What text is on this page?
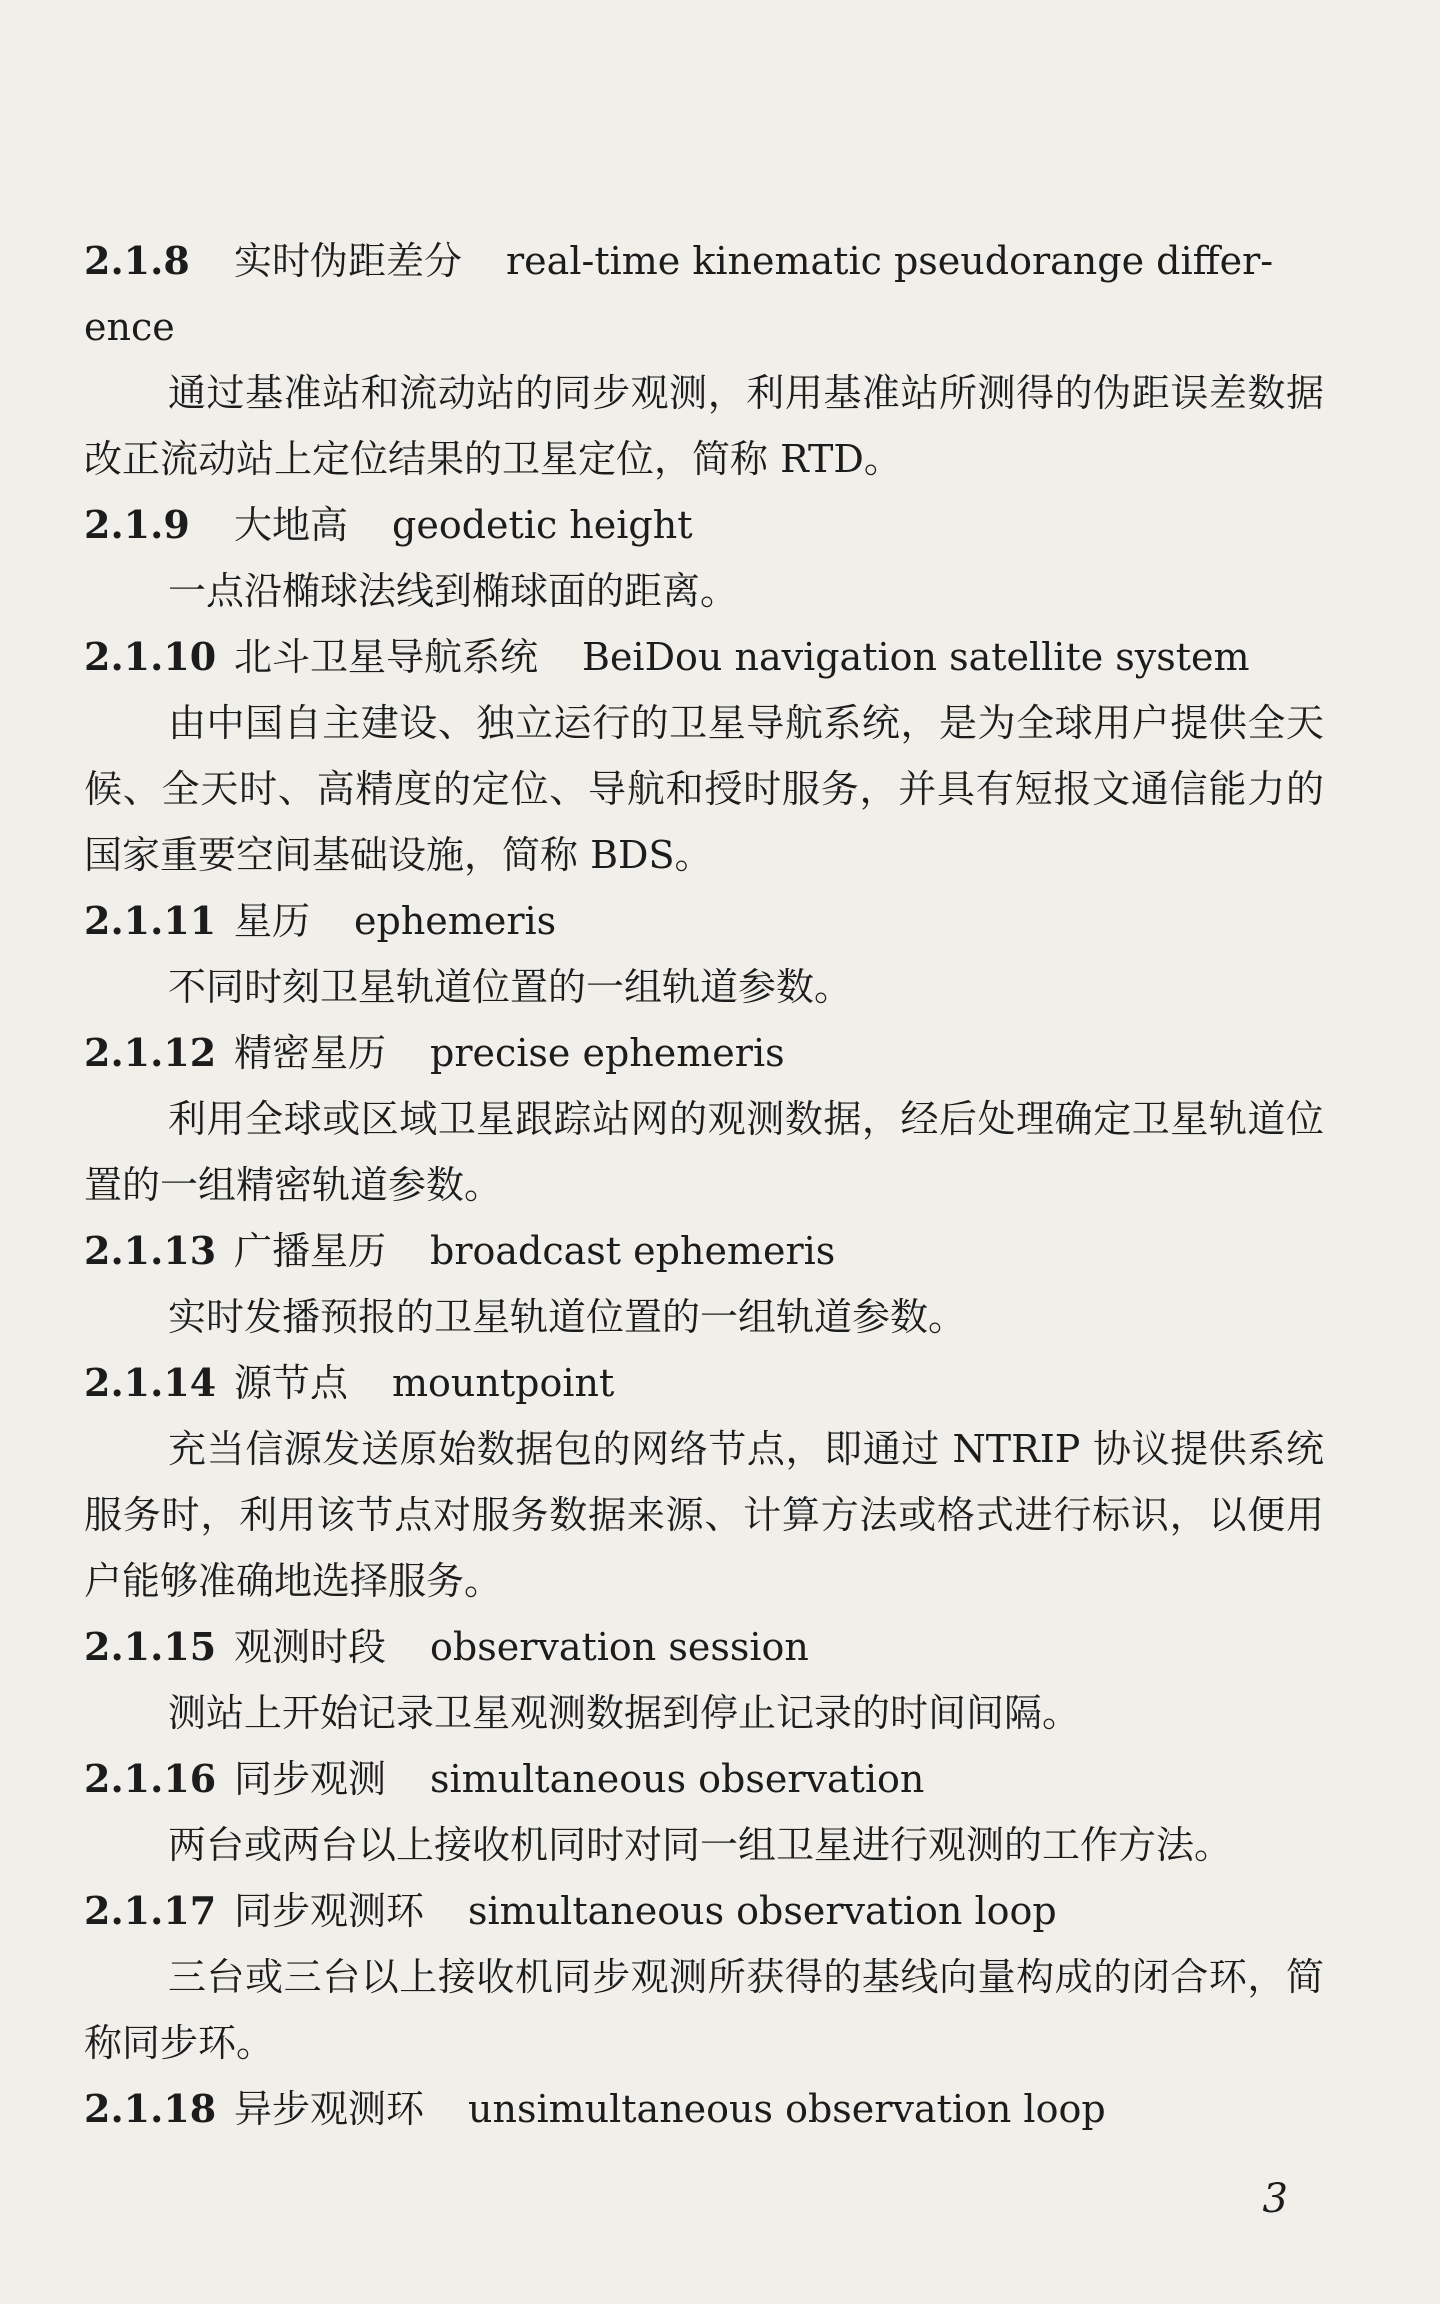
2.1.8 实时伪距差分 real-time kinematic pseudorange differ-
ence
通过基准站和流动站的同步观测，利用基准站所测得的伪距误差数据改正流动站上定位结果的卫星定位，简称 RTD。
2.1.9 大地高 geodetic height
一点沿椭球法线到椭球面的距离。
2.1.10 北斗卫星导航系统 BeiDou navigation satellite system
由中国自主建设、独立运行的卫星导航系统，是为全球用户提供全天候、全天时、高精度的定位、导航和授时服务，并具有短报文通信能力的国家重要空间基础设施，简称 BDS。
2.1.11 星历 ephemeris
不同时刻卫星轨道位置的一组轨道参数。
2.1.12 精密星历 precise ephemeris
利用全球或区域卫星跟踪站网的观测数据，经后处理确定卫星轨道位置的一组精密轨道参数。
2.1.13 广播星历 broadcast ephemeris
实时发播预报的卫星轨道位置的一组轨道参数。
2.1.14 源节点 mountpoint
充当信源发送原始数据包的网络节点，即通过 NTRIP 协议提供系统服务时，利用该节点对服务数据来源、计算方法或格式进行标识，以便用户能够准确地选择服务。
2.1.15 观测时段 observation session
测站上开始记录卫星观测数据到停止记录的时间间隔。
2.1.16 同步观测 simultaneous observation
两台或两台以上接收机同时对同一组卫星进行观测的工作方法。
2.1.17 同步观测环 simultaneous observation loop
三台或三台以上接收机同步观测所获得的基线向量构成的闭合环，简称同步环。
2.1.18 异步观测环 unsimultaneous observation loop
3
